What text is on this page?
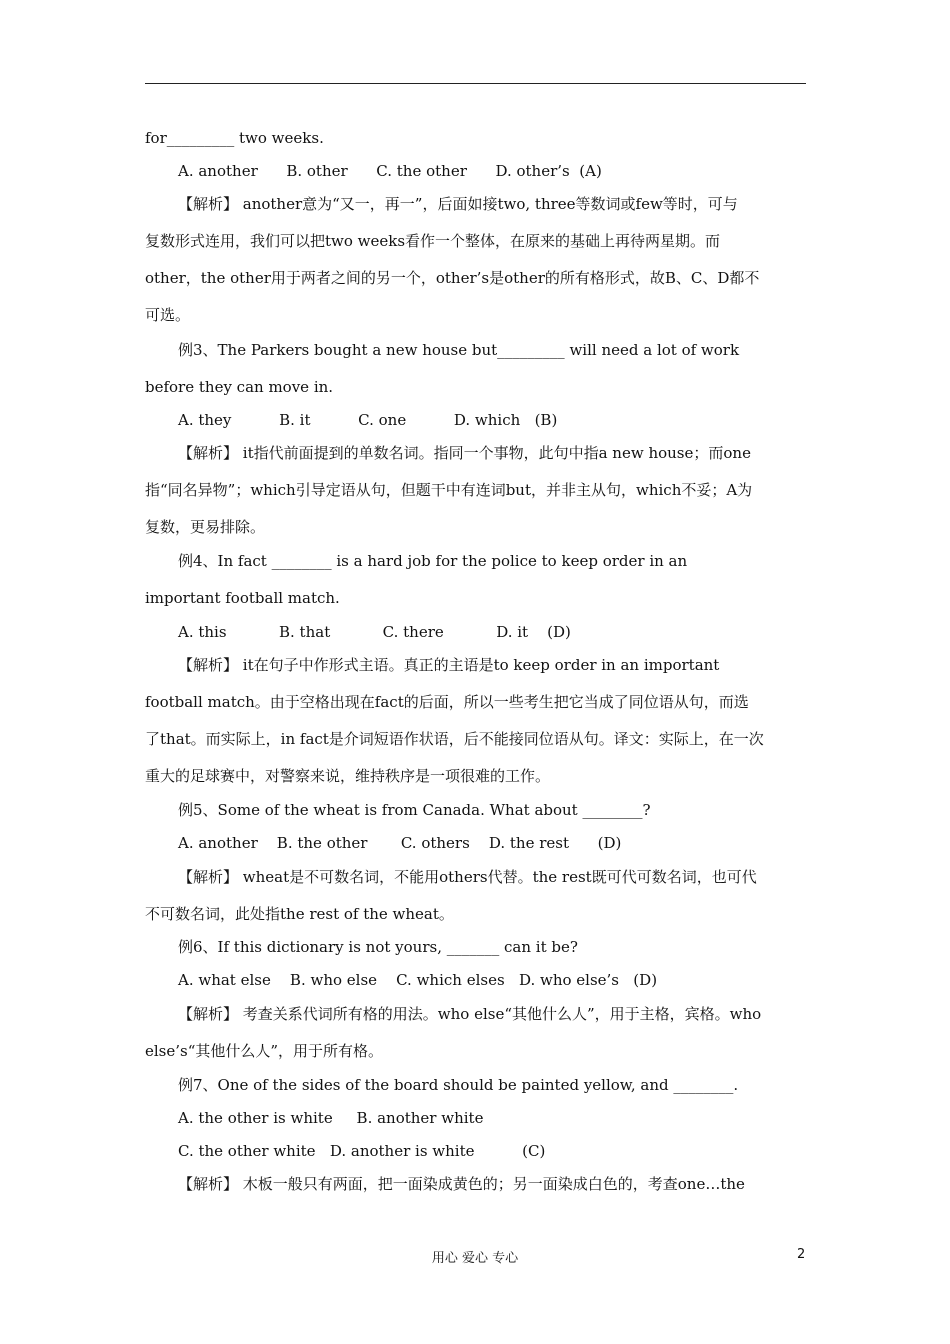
for_________ two weeks.
A. another      B. other      C. the other      D. other’s  (A)
【解析】 another意为“又一，再一”，后面如接two, three等数词或few等时，可与
复数形式连用，我们可以把two weeks看作一个整体，在原来的基础上再待两星期。而
other，the other用于两者之间的另一个，other’s是other的所有格形式，故B、C、D都不
可选。
例3、The Parkers bought a new house but_________ will need a lot of work
before they can move in.
A. they          B. it          C. one          D. which   (B)
【解析】 it指代前面提到的单数名词。指同一个事物，此句中指a new house；而one
指“同名异物”；which引导定语从句，但题干中有连词but，并非主从句，which不妥；A为
复数，更易排除。
例4、In fact ________ is a hard job for the police to keep order in an
important football match.
A. this           B. that           C. there           D. it    (D)
【解析】 it在句子中作形式主语。真正的主语是to keep order in an important
football match。由于空格出现在fact的后面，所以一些考生把它当成了同位语从句，而选
了that。而实际上，in fact是介词短语作状语，后不能接同位语从句。译文：实际上，在一次
重大的足球赛中，对警察来说，维持秩序是一项很难的工作。
例5、Some of the wheat is from Canada. What about ________?
A. another    B. the other       C. others    D. the rest      (D)
【解析】 wheat是不可数名词，不能用others代替。the rest既可代可数名词，也可代
不可数名词，此处指the rest of the wheat。
例6、If this dictionary is not yours, _______ can it be?
A. what else    B. who else    C. which elses   D. who else’s   (D)
【解析】 考查关系代词所有格的用法。who else“其他什么人”，用于主格，宾格。who
else’s“其他什么人”，用于所有格。
例7、One of the sides of the board should be painted yellow, and ________.
A. the other is white     B. another white
C. the other white   D. another is white          (C)
【解析】 木板一般只有两面，把一面染成黄色的；另一面染成白色的，考查one…the
用心 爱心 专心	2
